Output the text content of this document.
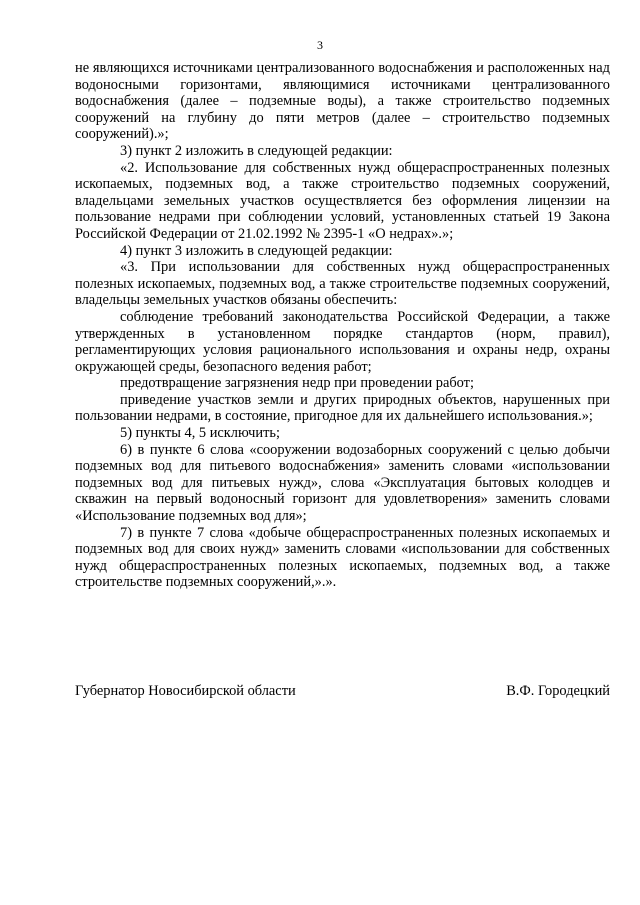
3

не являющихся источниками централизованного водоснабжения и расположенных над водоносными горизонтами, являющимися источниками централизованного водоснабжения (далее – подземные воды), а также строительство подземных сооружений на глубину до пяти метров (далее – строительство подземных сооружений).»;

3) пункт 2 изложить в следующей редакции:

«2. Использование для собственных нужд общераспространенных полезных ископаемых, подземных вод, а также строительство подземных сооружений, владельцами земельных участков осуществляется без оформления лицензии на пользование недрами при соблюдении условий, установленных статьей 19 Закона Российской Федерации от 21.02.1992 № 2395-1 «О недрах».»;

4) пункт 3 изложить в следующей редакции:

«3. При использовании для собственных нужд общераспространенных полезных ископаемых, подземных вод, а также строительстве подземных сооружений, владельцы земельных участков обязаны обеспечить:

соблюдение требований законодательства Российской Федерации, а также утвержденных в установленном порядке стандартов (норм, правил), регламентирующих условия рационального использования и охраны недр, охраны окружающей среды, безопасного ведения работ;

предотвращение загрязнения недр при проведении работ;

приведение участков земли и других природных объектов, нарушенных при пользовании недрами, в состояние, пригодное для их дальнейшего использования.»;

5) пункты 4, 5 исключить;

6) в пункте 6 слова «сооружении водозаборных сооружений с целью добычи подземных вод для питьевого водоснабжения» заменить словами «использовании подземных вод для питьевых нужд», слова «Эксплуатация бытовых колодцев и скважин на первый водоносный горизонт для удовлетворения» заменить словами «Использование подземных вод для»;

7) в пункте 7 слова «добыче общераспространенных полезных ископаемых и подземных вод для своих нужд» заменить словами «использовании для собственных нужд общераспространенных полезных ископаемых, подземных вод, а также строительстве подземных сооружений,».».

Губернатор Новосибирской области	В.Ф. Городецкий
